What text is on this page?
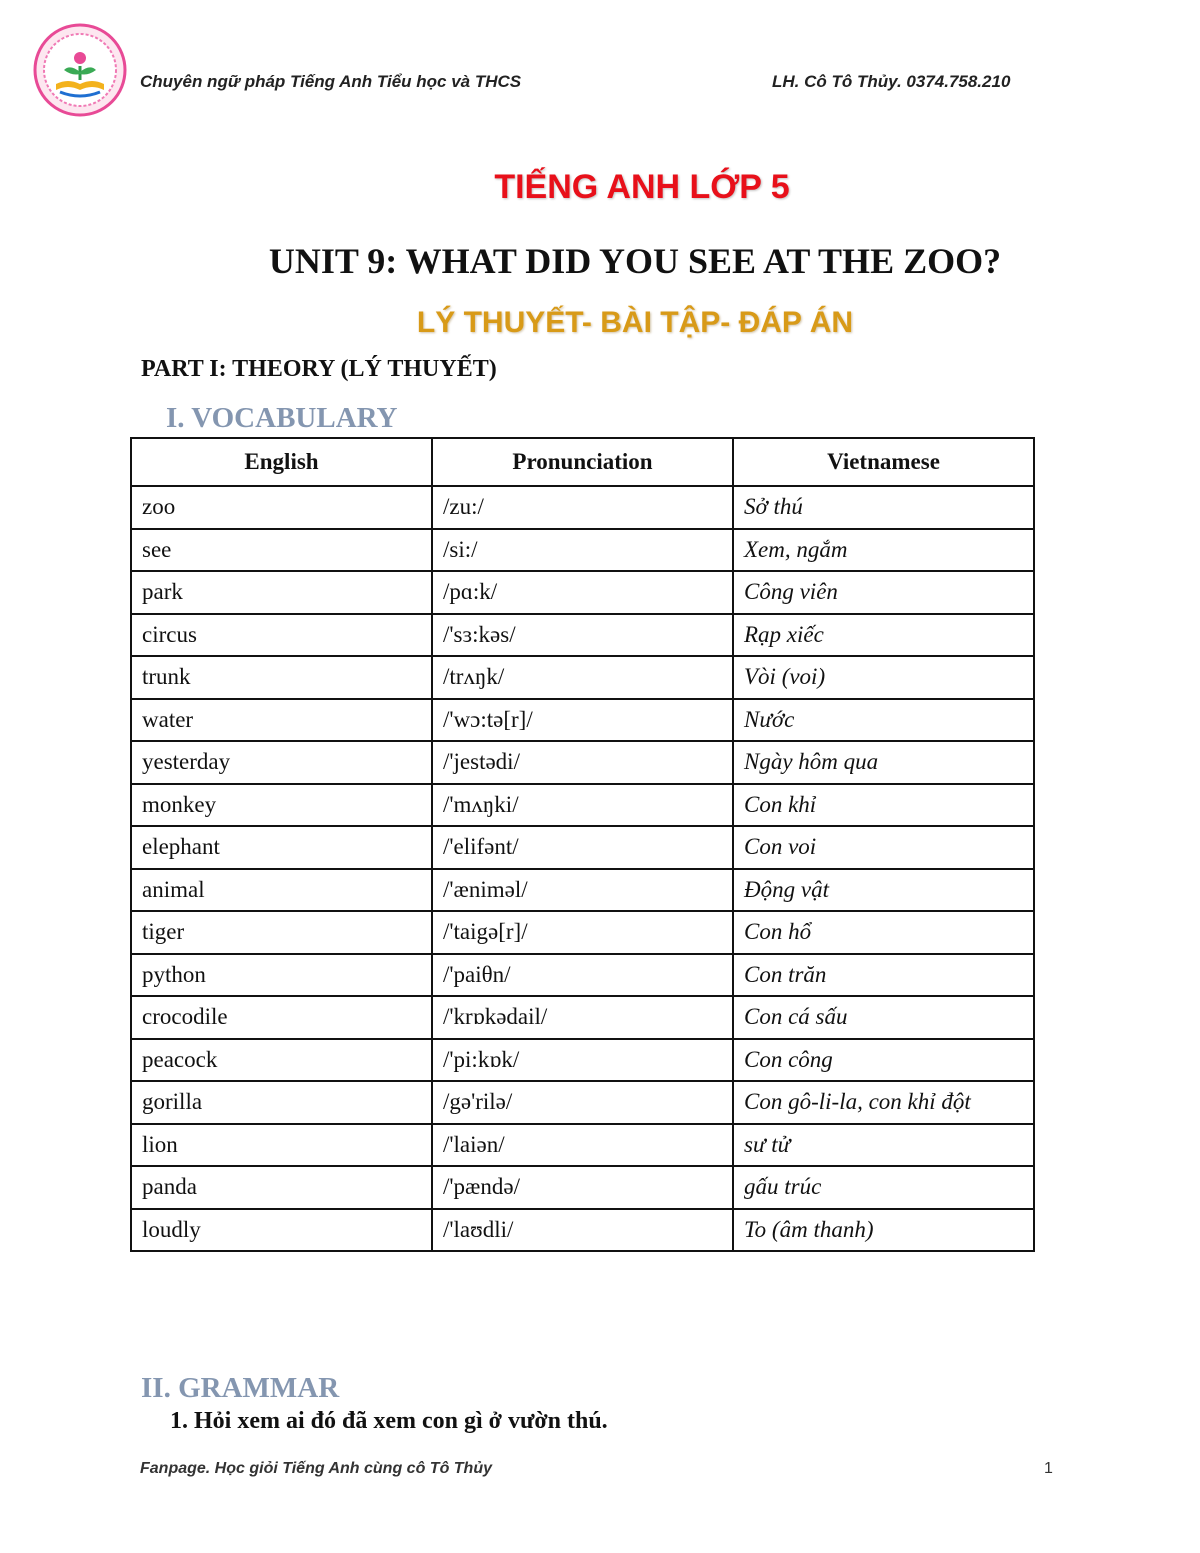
Chuyên ngữ pháp Tiếng Anh Tiểu học và THCS	LH. Cô Tô Thủy. 0374.758.210
TIẾNG ANH LỚP 5
UNIT 9: WHAT DID YOU SEE AT THE ZOO?
LÝ THUYẾT- BÀI TẬP- ĐÁP ÁN
PART I: THEORY (LÝ THUYẾT)
I. VOCABULARY
English	Pronunciation	Vietnamese
zoo	/zu:/	Sở thú
see	/si:/	Xem, ngắm
park	/pɑ:k/	Công viên
circus	/'sɜ:kəs/	Rạp xiếc
trunk	/trʌŋk/	Vòi (voi)
water	/'wɔ:tə[r]/	Nước
yesterday	/'jestədi/	Ngày hôm qua
monkey	/'mʌŋki/	Con khỉ
elephant	/'elifənt/	Con voi
animal	/'æniməl/	Động vật
tiger	/'taigə[r]/	Con hổ
python	/'paiθn/	Con trăn
crocodile	/'krɒkədail/	Con cá sấu
peacock	/'pi:kɒk/	Con công
gorilla	/gə'rilə/	Con gô-li-la, con khỉ đột
lion	/'laiən/	sư tử
panda	/'pændə/	gấu trúc
loudly	/'laʊdli/	To (âm thanh)
II. GRAMMAR
1. Hỏi xem ai đó đã xem con gì ở vườn thú.
Fanpage. Học giỏi Tiếng Anh cùng cô Tô Thủy	1
